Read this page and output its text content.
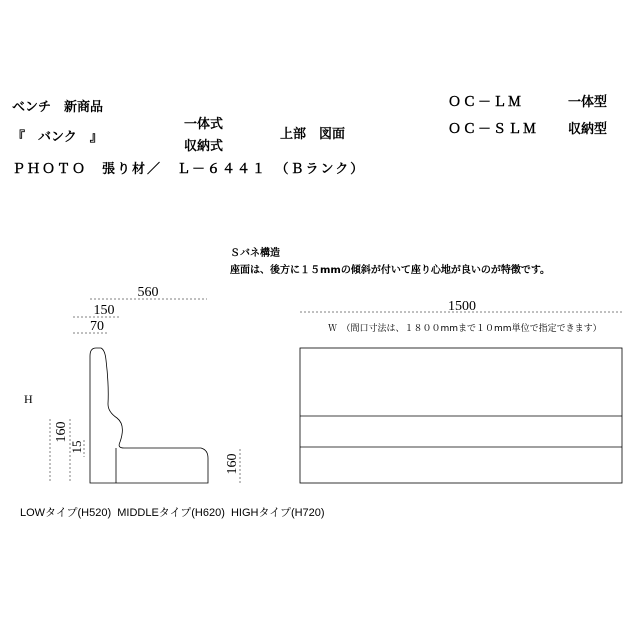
ベンチ　新商品
『　バンク　』
ＰＨＯＴＯ　張り材／　Ｌ－６４４１　（Ｂランク）
一体式
収納式
上部　図面
ＯＣ－ＬＭ	一体型
ＯＣ－ＳＬＭ 収納型
Ｓバネ構造
座面は、後方に１５mmの傾斜が付いて座り心地が良いのが特徴です。
Ｗ　（間口寸法は、１８００mmまで１０mm単位で指定できます）
560
150
70
1500
H
160
15
160
LOWタイプ(H520)  MIDDLEタイプ(H620)  HIGHタイプ(H720)
